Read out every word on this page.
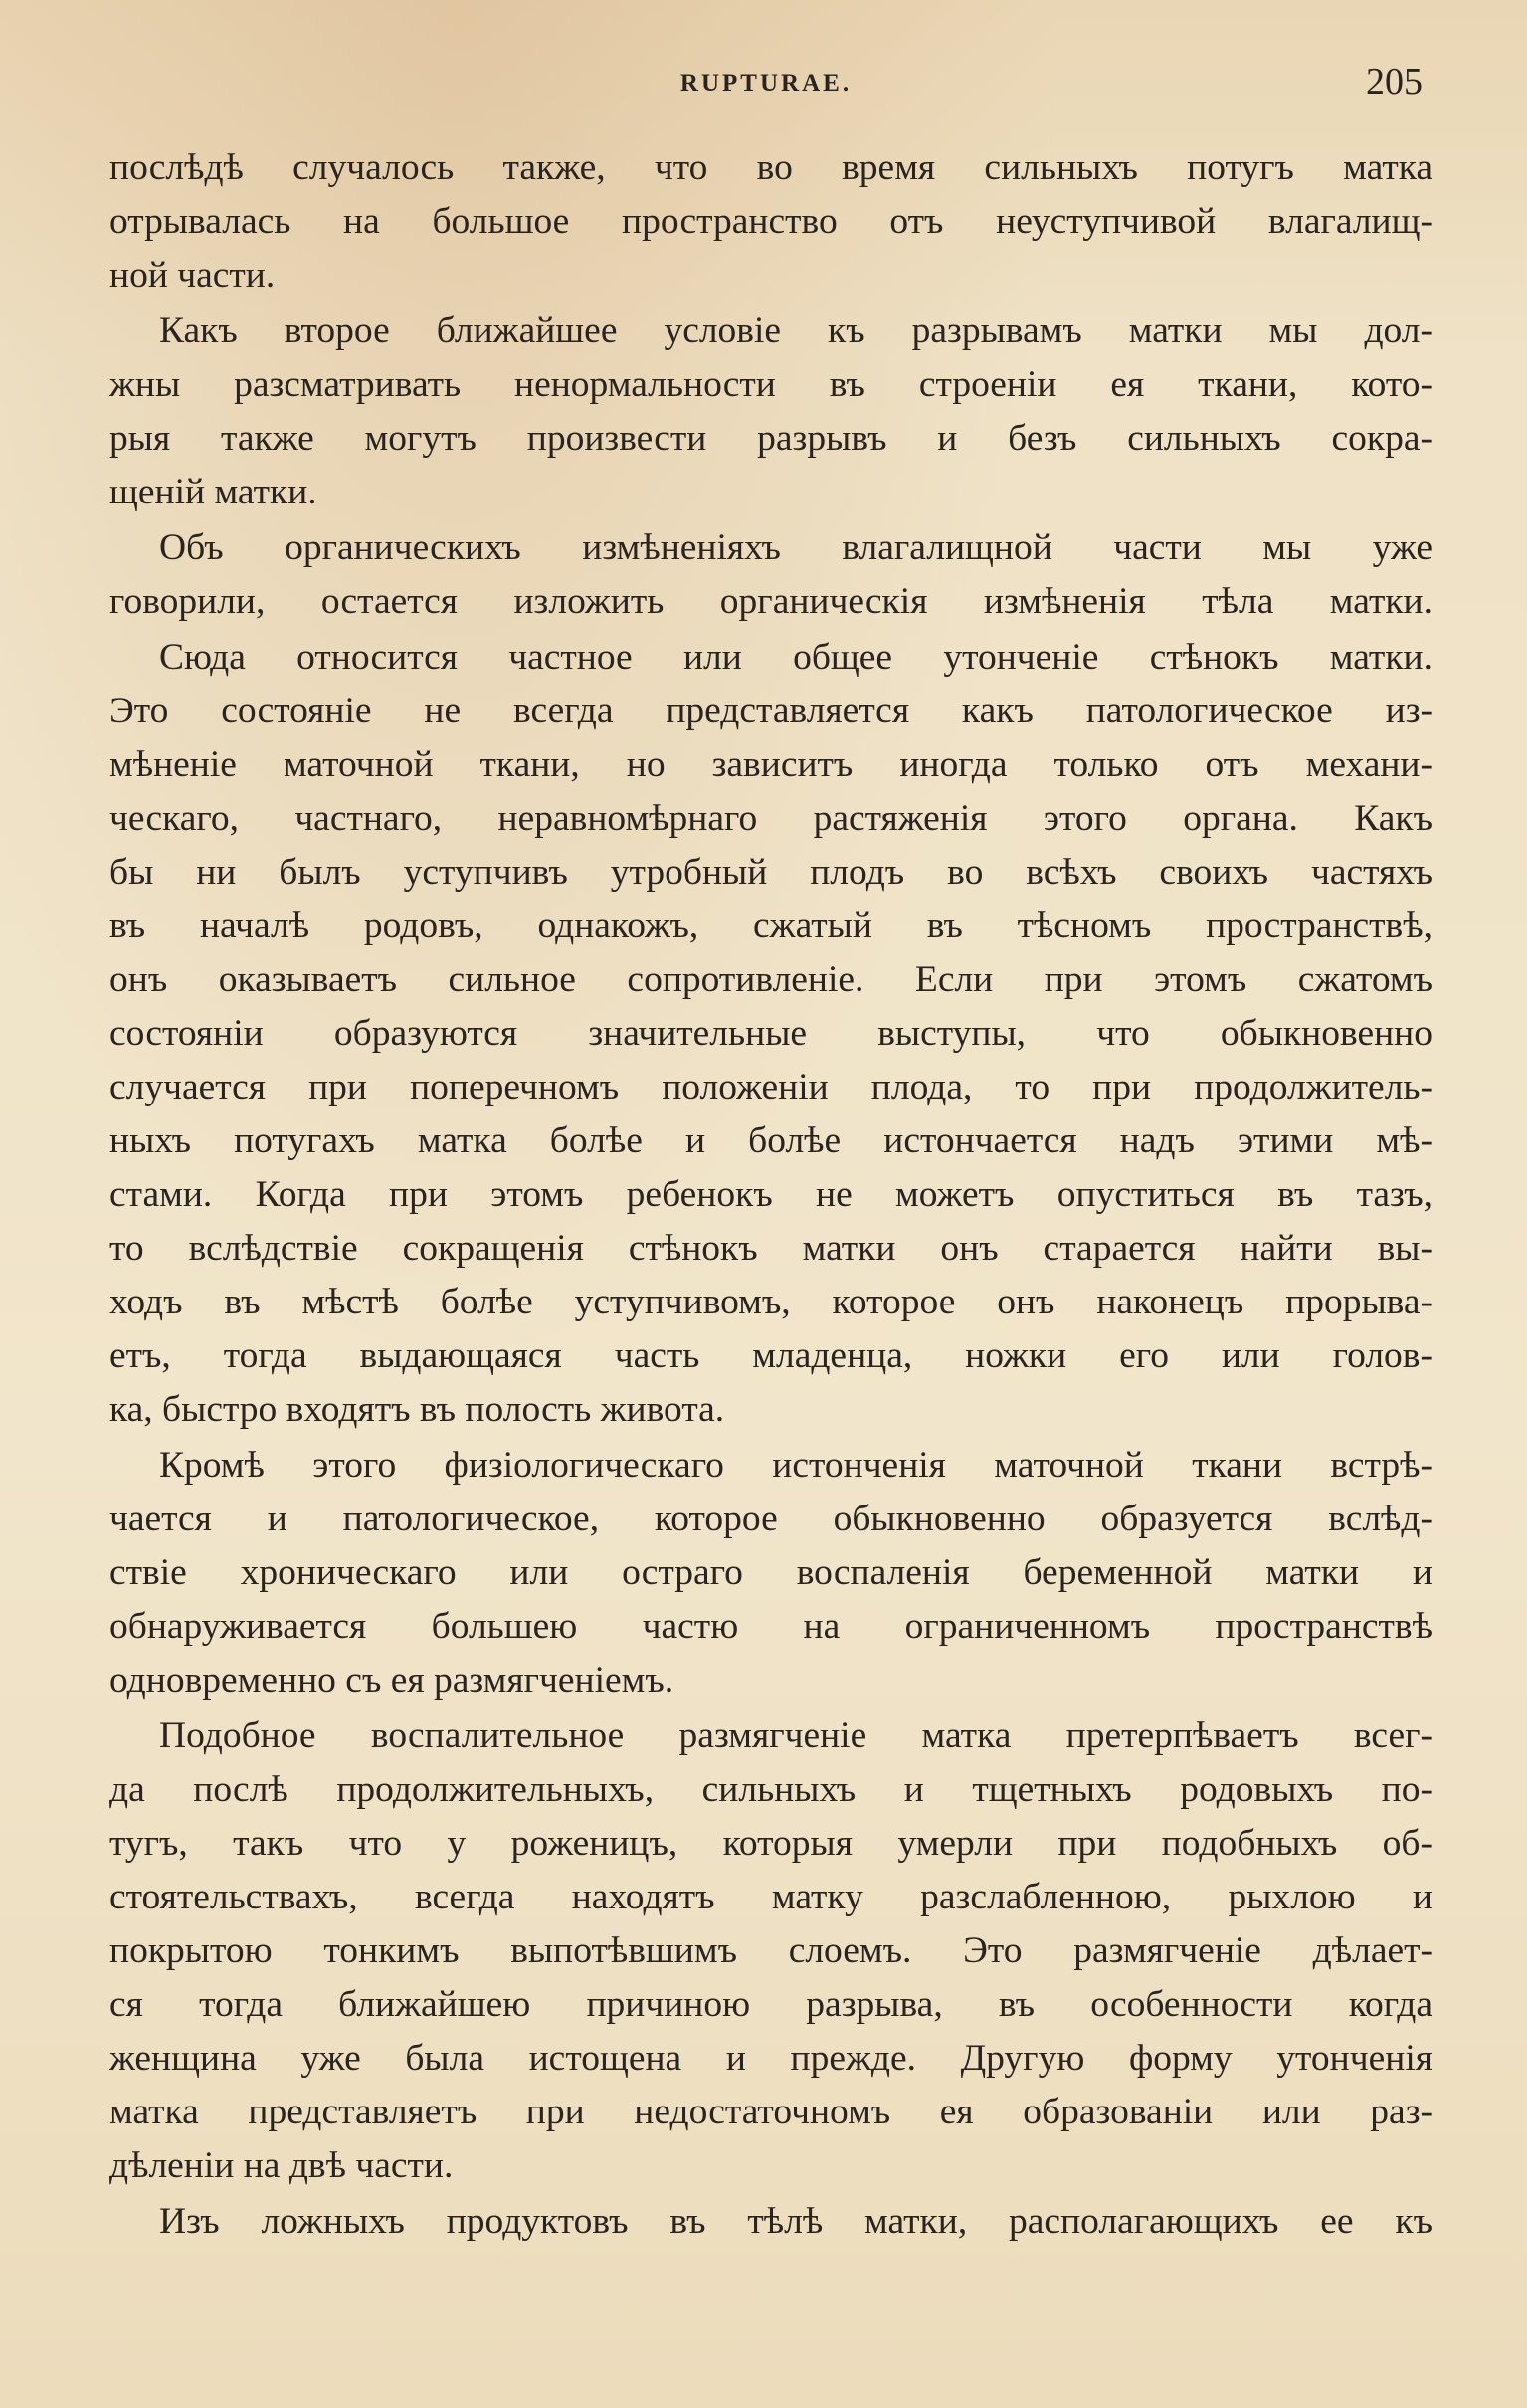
RUPTURAE.	205
послѣдѣ случалось также, что во время сильныхъ потугъ матка
отрывалась на большое пространство отъ неуступчивой влагалищ-
ной части.
Какъ второе ближайшее условіе къ разрывамъ матки мы дол-
жны разсматривать ненормальности въ строеніи ея ткани, кото-
рыя также могутъ произвести разрывъ и безъ сильныхъ сокра-
щеній матки.
Объ органическихъ измѣненіяхъ влагалищной части мы уже
говорили, остается изложить органическія измѣненія тѣла матки.
Сюда относится частное или общее утонченіе стѣнокъ матки.
Это состояніе не всегда представляется какъ патологическое из-
мѣненіе маточной ткани, но зависитъ иногда только отъ механи-
ческаго, частнаго, неравномѣрнаго растяженія этого органа. Какъ
бы ни былъ уступчивъ утробный плодъ во всѣхъ своихъ частяхъ
въ началѣ родовъ, однакожъ, сжатый въ тѣсномъ пространствѣ,
онъ оказываетъ сильное сопротивленіе. Если при этомъ сжатомъ
состояніи образуются значительные выступы, что обыкновенно
случается при поперечномъ положеніи плода, то при продолжитель-
ныхъ потугахъ матка болѣе и болѣе истончается надъ этими мѣ-
стами. Когда при этомъ ребенокъ не можетъ опуститься въ тазъ,
то вслѣдствіе сокращенія стѣнокъ матки онъ старается найти вы-
ходъ въ мѣстѣ болѣе уступчивомъ, которое онъ наконецъ прорыва-
етъ, тогда выдающаяся часть младенца, ножки его или голов-
ка, быстро входятъ въ полость живота.
Кромѣ этого физіологическаго истонченія маточной ткани встрѣ-
чается и патологическое, которое обыкновенно образуется вслѣд-
ствіе хроническаго или остраго воспаленія беременной матки и
обнаруживается большею частю на ограниченномъ пространствѣ
одновременно съ ея размягченіемъ.
Подобное воспалительное размягченіе матка претерпѣваетъ всег-
да послѣ продолжительныхъ, сильныхъ и тщетныхъ родовыхъ по-
тугъ, такъ что у роженицъ, которыя умерли при подобныхъ об-
стоятельствахъ, всегда находятъ матку разслабленною, рыхлою и
покрытою тонкимъ выпотѣвшимъ слоемъ. Это размягченіе дѣлает-
ся тогда ближайшею причиною разрыва, въ особенности когда
женщина уже была истощена и прежде. Другую форму утонченія
матка представляетъ при недостаточномъ ея образованіи или раз-
дѣленіи на двѣ части.
Изъ ложныхъ продуктовъ въ тѣлѣ матки, располагающихъ ее къ
